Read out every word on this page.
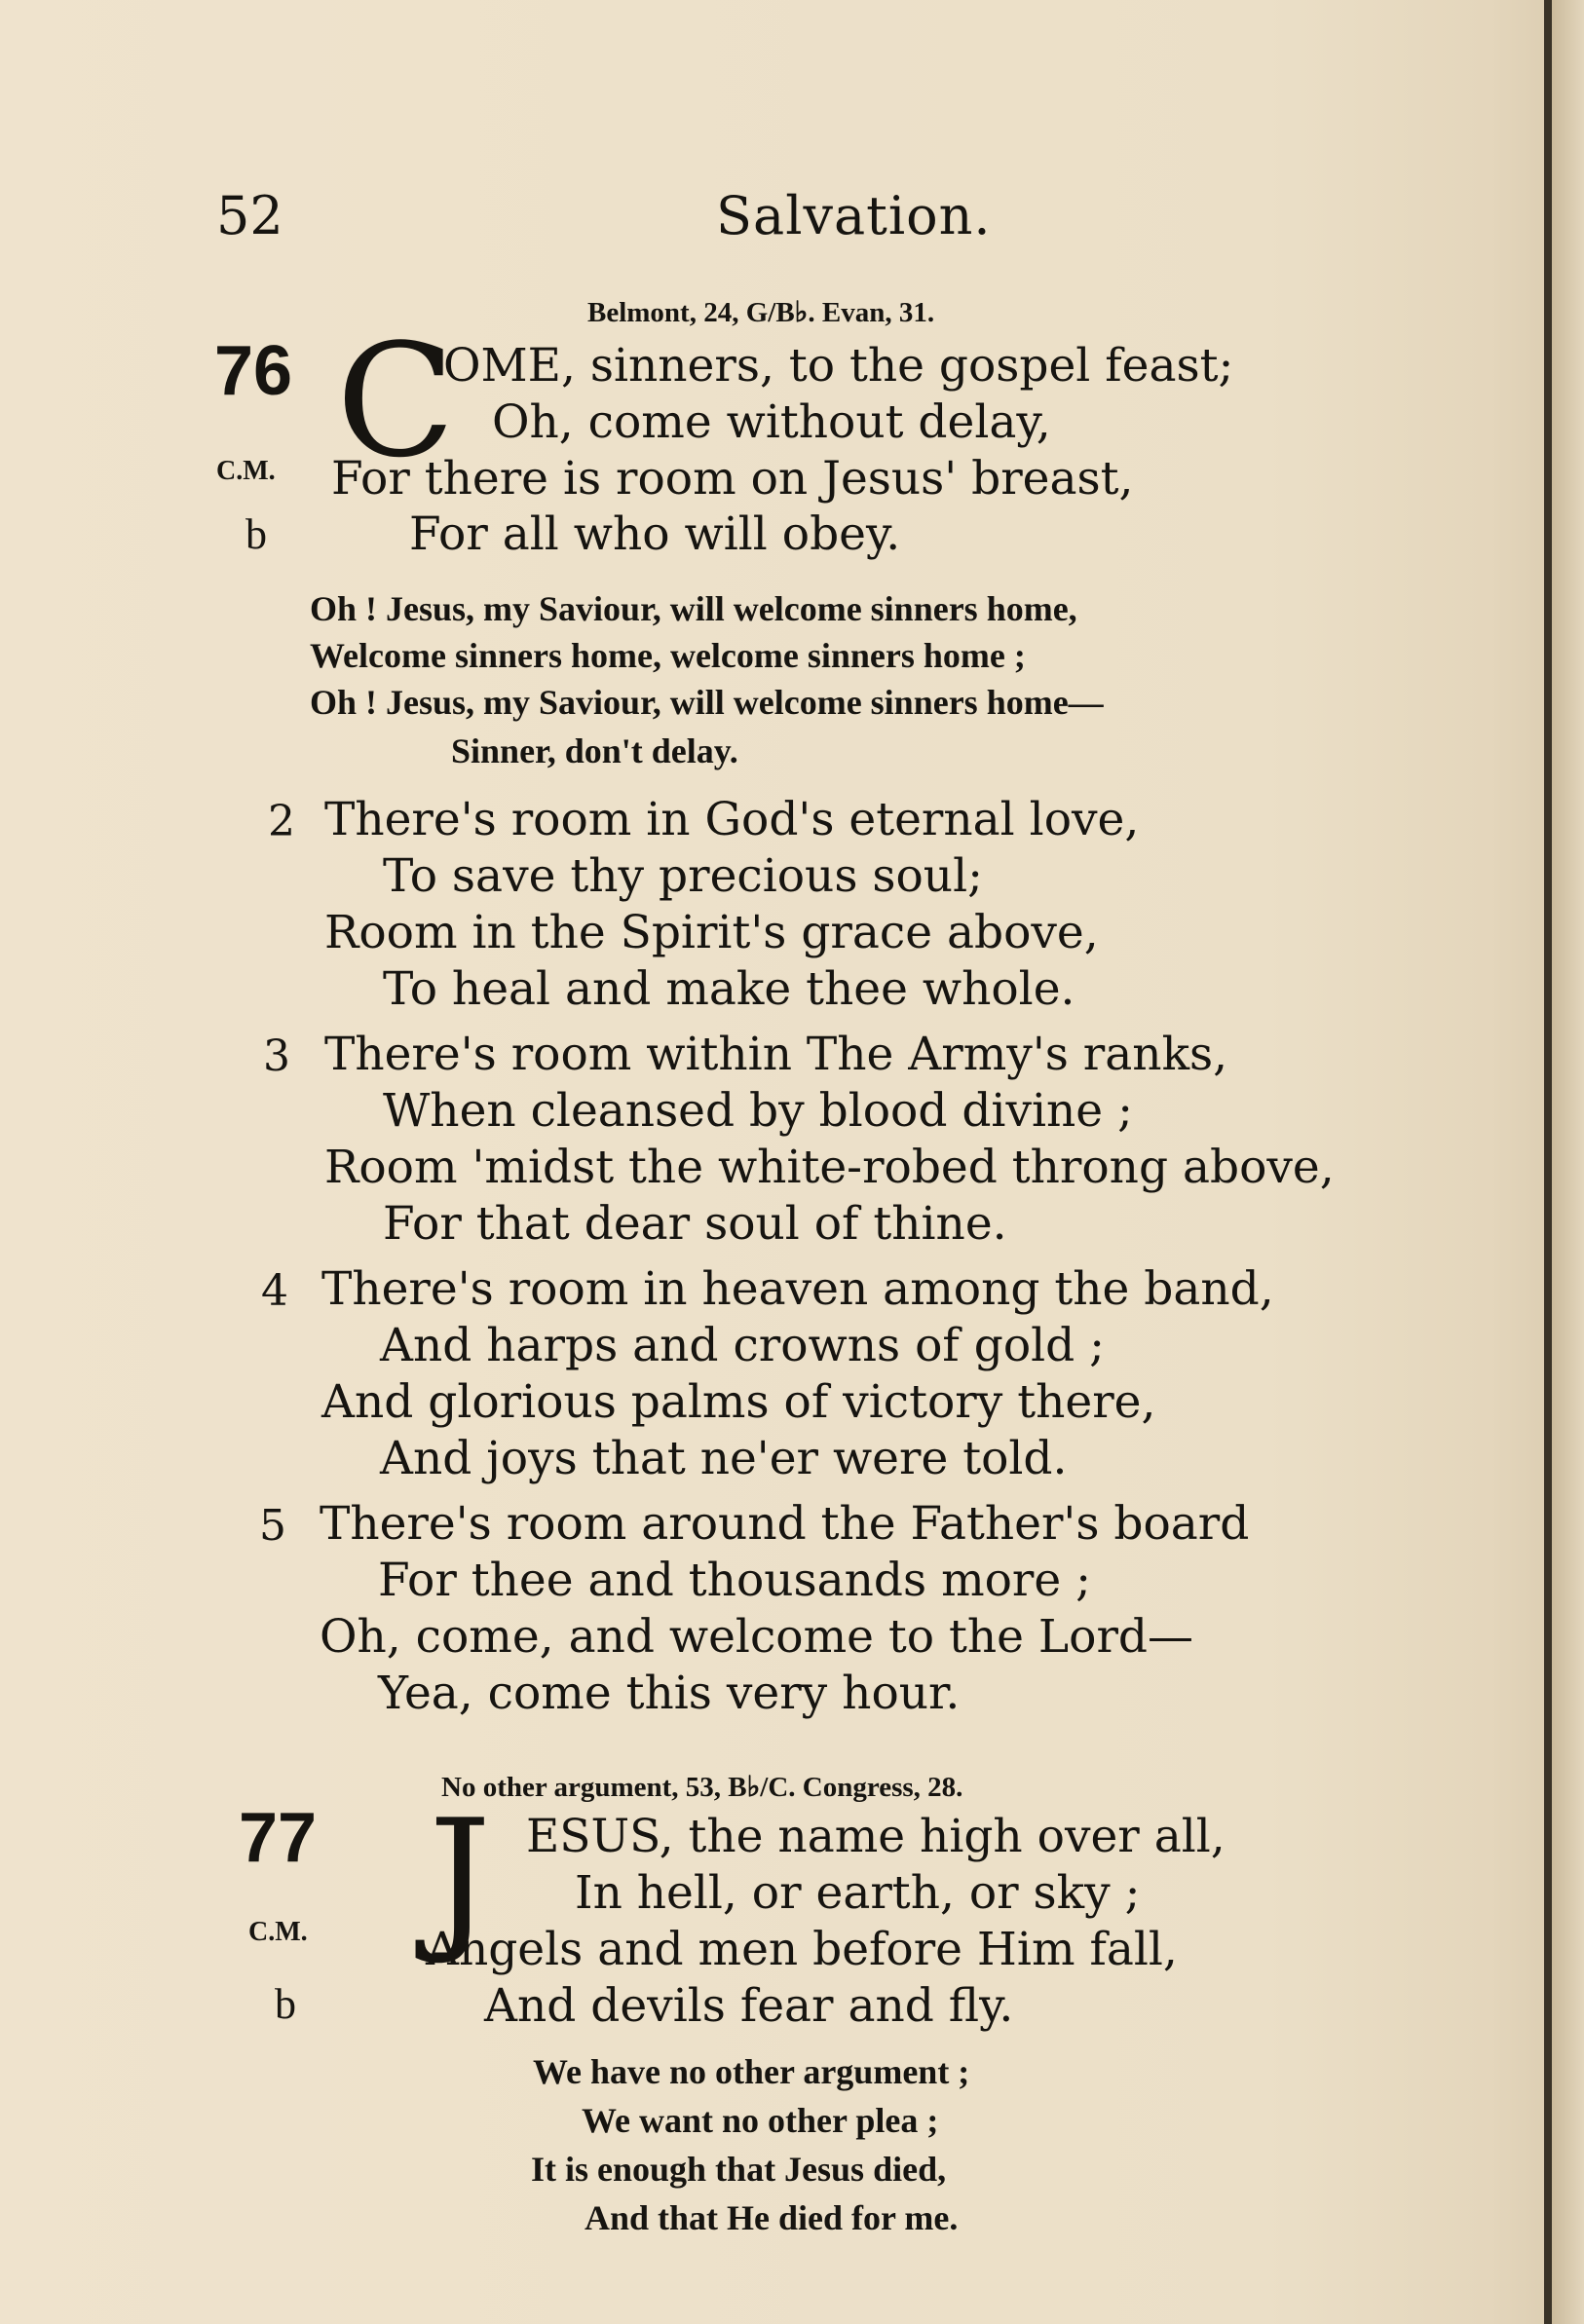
52	Salvation.
Belmont, 24, G/B♭. Evan, 31.
76 C
OME, sinners, to the gospel feast;
Oh, come without delay,
C.M. For there is room on Jesus' breast,
b	For all who will obey.
Oh ! Jesus, my Saviour, will welcome sinners home,
Welcome sinners home, welcome sinners home ;
Oh ! Jesus, my Saviour, will welcome sinners home—
Sinner, don't delay.
2 There's room in God's eternal love,
To save thy precious soul;
Room in the Spirit's grace above,
To heal and make thee whole.
3 There's room within The Army's ranks,
When cleansed by blood divine ;
Room 'midst the white-robed throng above,
For that dear soul of thine.
4 There's room in heaven among the band,
And harps and crowns of gold ;
And glorious palms of victory there,
And joys that ne'er were told.
5 There's room around the Father's board
For thee and thousands more ;
Oh, come, and welcome to the Lord—
Yea, come this very hour.
No other argument, 53, B♭/C. Congress, 28.
77 J ESUS, the name high over all,
In hell, or earth, or sky ;
C.M.	Angels and men before Him fall,
b	And devils fear and fly.
We have no other argument ;
We want no other plea ;
It is enough that Jesus died,
And that He died for me.
